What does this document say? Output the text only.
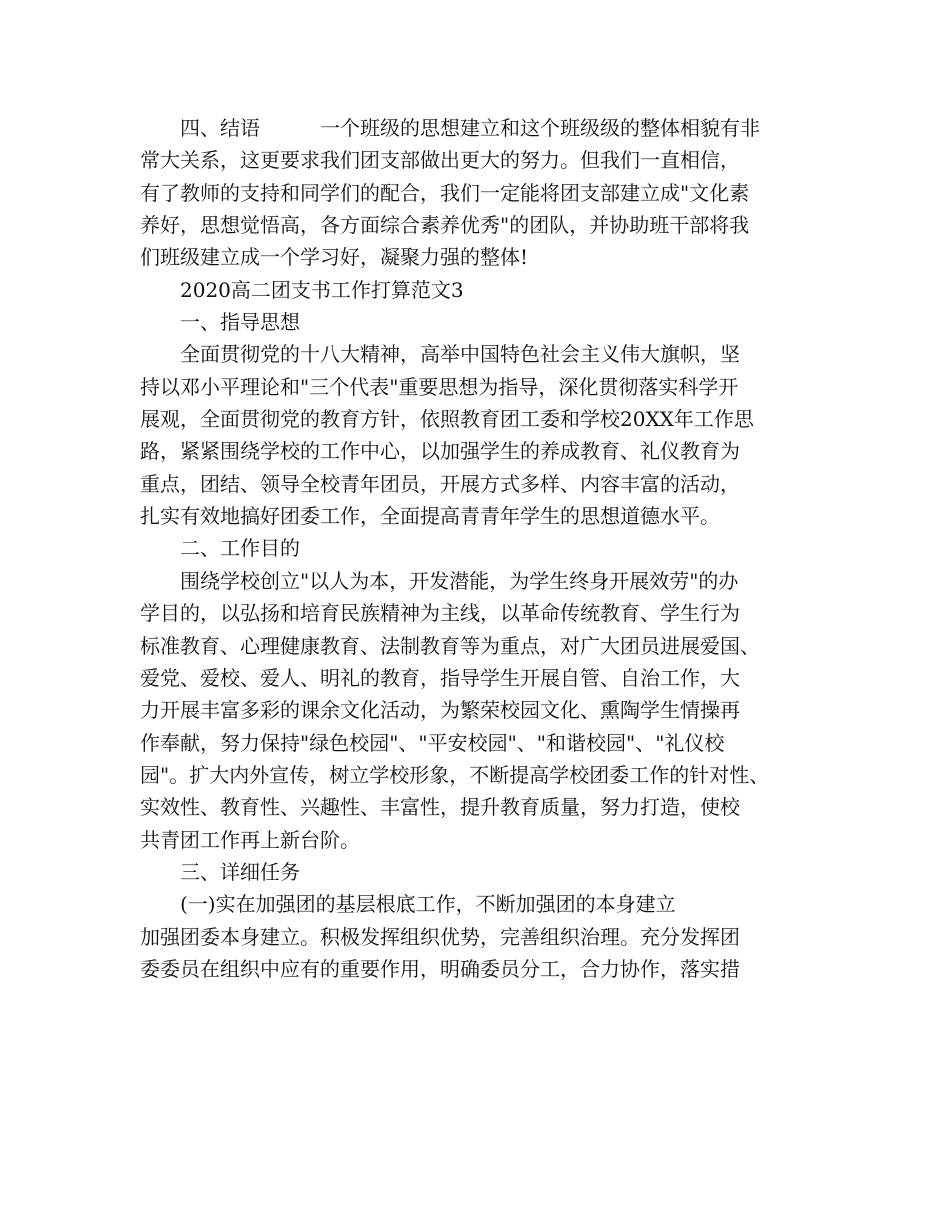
四、结语	一个班级的思想建立和这个班级级的整体相貌有非
常大关系，这更要求我们团支部做出更大的努力。但我们一直相信，
有了教师的支持和同学们的配合，我们一定能将团支部建立成"文化素
养好，思想觉悟高，各方面综合素养优秀"的团队，并协助班干部将我
们班级建立成一个学习好，凝聚力强的整体!
2020高二团支书工作打算范文3
一、指导思想
全面贯彻党的十八大精神，高举中国特色社会主义伟大旗帜，坚
持以邓小平理论和"三个代表"重要思想为指导，深化贯彻落实科学开
展观，全面贯彻党的教育方针，依照教育团工委和学校20XX年工作思
路，紧紧围绕学校的工作中心，以加强学生的养成教育、礼仪教育为
重点，团结、领导全校青年团员，开展方式多样、内容丰富的活动，
扎实有效地搞好团委工作，全面提高青青年学生的思想道德水平。
二、工作目的
围绕学校创立"以人为本，开发潜能，为学生终身开展效劳"的办
学目的，以弘扬和培育民族精神为主线，以革命传统教育、学生行为
标准教育、心理健康教育、法制教育等为重点，对广大团员进展爱国、
爱党、爱校、爱人、明礼的教育，指导学生开展自管、自治工作，大
力开展丰富多彩的课余文化活动，为繁荣校园文化、熏陶学生情操再
作奉献，努力保持"绿色校园"、"平安校园"、"和谐校园"、"礼仪校
园"。扩大内外宣传，树立学校形象，不断提高学校团委工作的针对性、
实效性、教育性、兴趣性、丰富性，提升教育质量，努力打造，使校
共青团工作再上新台阶。
三、详细任务
(一)实在加强团的基层根底工作，不断加强团的本身建立
加强团委本身建立。积极发挥组织优势，完善组织治理。充分发挥团
委委员在组织中应有的重要作用，明确委员分工，合力协作，落实措
